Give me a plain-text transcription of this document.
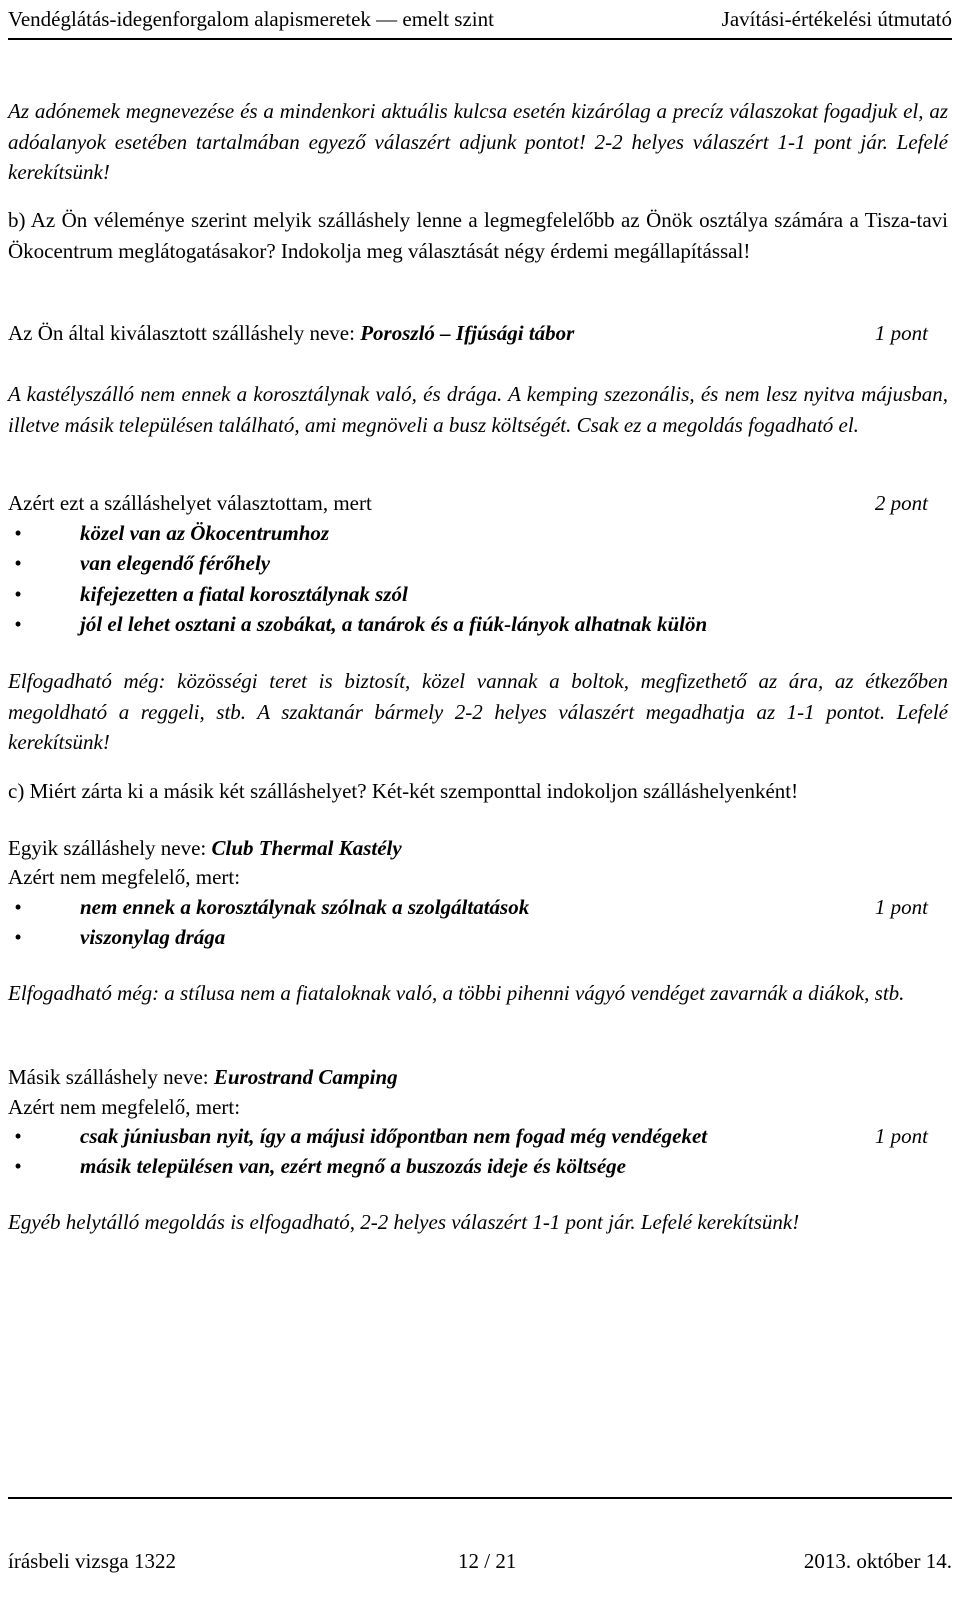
Vendéglátás-idegenforgalom alapismeretek — emelt szint	Javítási-értékelési útmutató
Az adónemek megnevezése és a mindenkori aktuális kulcsa esetén kizárólag a precíz válaszokat fogadjuk el, az adóalanyok esetében tartalmában egyező válaszért adjunk pontot! 2-2 helyes válaszért 1-1 pont jár. Lefelé kerekítsünk!
b) Az Ön véleménye szerint melyik szálláshely lenne a legmegfelelőbb az Önök osztálya számára a Tisza-tavi Ökocentrum meglátogatásakor? Indokolja meg választását négy érdemi megállapítással!
Az Ön által kiválasztott szálláshely neve: Poroszló – Ifjúsági tábor	1 pont
A kastélyszálló nem ennek a korosztálynak való, és drága. A kemping szezonális, és nem lesz nyitva májusban, illetve másik településen található, ami megnöveli a busz költségét. Csak ez a megoldás fogadható el.
Azért ezt a szálláshelyet választottam, mert	2 pont
•	közel van az Ökocentrumhoz
•	van elegendő férőhely
•	kifejezetten a fiatal korosztálynak szól
•	jól el lehet osztani a szobákat, a tanárok és a fiúk-lányok alhatnak külön
Elfogadható még: közösségi teret is biztosít, közel vannak a boltok, megfizethető az ára, az étkezőben megoldható a reggeli, stb. A szaktanár bármely 2-2 helyes válaszért megadhatja az 1-1 pontot. Lefelé kerekítsünk!
c) Miért zárta ki a másik két szálláshelyet? Két-két szemponttal indokoljon szálláshelyenként!
Egyik szálláshely neve: Club Thermal Kastély
Azért nem megfelelő, mert:
1 pont
•	nem ennek a korosztálynak szólnak a szolgáltatások
•	viszonylag drága
Elfogadható még: a stílusa nem a fiataloknak való, a többi pihenni vágyó vendéget zavarnák a diákok, stb.
Másik szálláshely neve: Eurostrand Camping
Azért nem megfelelő, mert:
1 pont
•	csak júniusban nyit, így a májusi időpontban nem fogad még vendégeket
•	másik településen van, ezért megnő a buszozás ideje és költsége
Egyéb helytálló megoldás is elfogadható, 2-2 helyes válaszért 1-1 pont jár. Lefelé kerekítsünk!
írásbeli vizsga 1322	12 / 21	2013. október 14.
